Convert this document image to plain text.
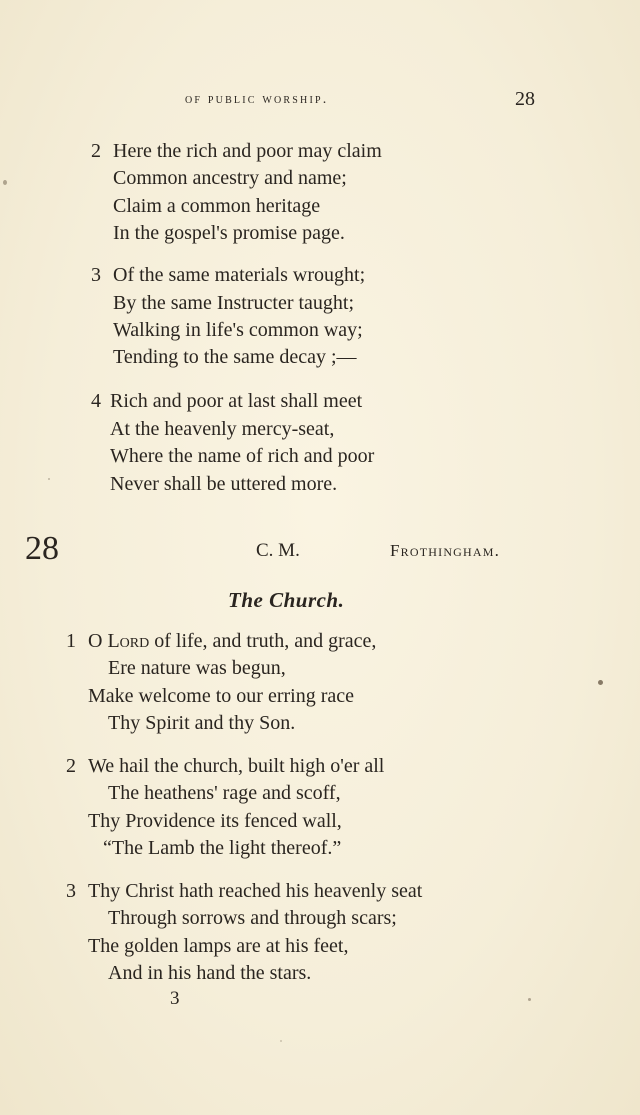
of public worship.	28
2 Here the rich and poor may claim
Common ancestry and name;
Claim a common heritage
In the gospel's promise page.
3 Of the same materials wrought;
By the same Instructer taught;
Walking in life's common way;
Tending to the same decay ;—
4 Rich and poor at last shall meet
At the heavenly mercy-seat,
Where the name of rich and poor
Never shall be uttered more.
28	C. M.	Frothingham.
The Church.
1 O Lord of life, and truth, and grace,
Ere nature was begun,
Make welcome to our erring race
Thy Spirit and thy Son.
2 We hail the church, built high o'er all
The heathens' rage and scoff,
Thy Providence its fenced wall,
“The Lamb the light thereof.”
3 Thy Christ hath reached his heavenly seat
Through sorrows and through scars;
The golden lamps are at his feet,
And in his hand the stars.
3
